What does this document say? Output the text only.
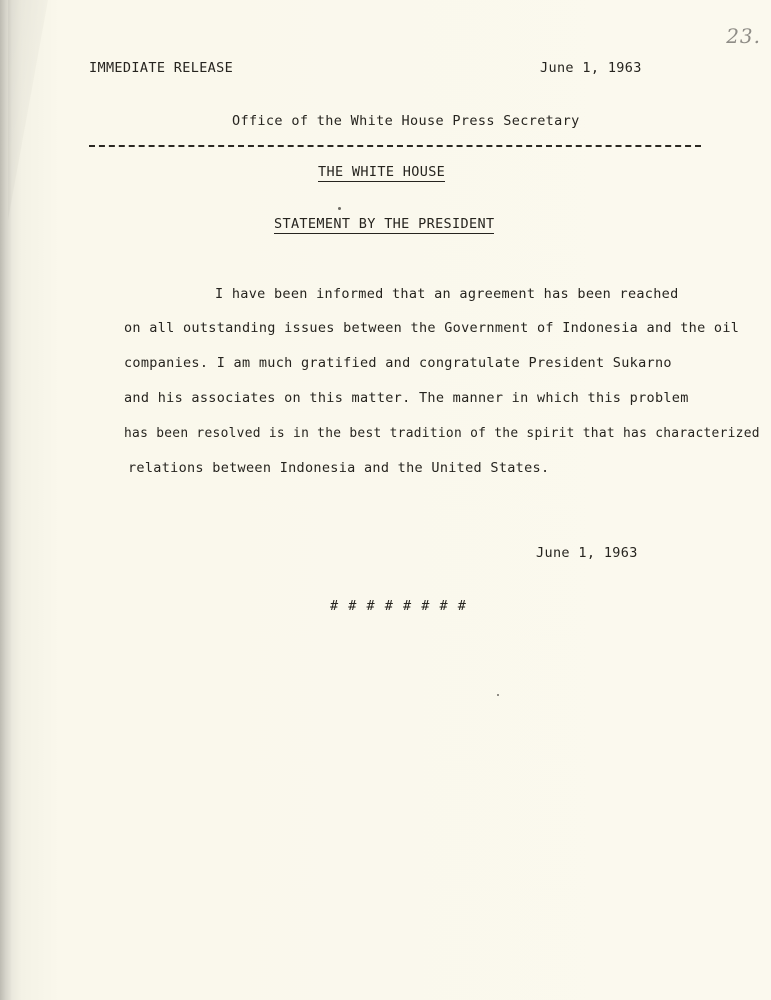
23.
IMMEDIATE RELEASE	June 1, 1963
Office of the White House Press Secretary
THE WHITE HOUSE
STATEMENT BY THE PRESIDENT
I have been informed that an agreement has been reached
on all outstanding issues between the Government of Indonesia and the oil
companies. I am much gratified and congratulate President Sukarno
and his associates on this matter. The manner in which this problem
has been resolved is in the best tradition of the spirit that has characterized
relations between Indonesia and the United States.
June 1, 1963
# # # # # # # #
